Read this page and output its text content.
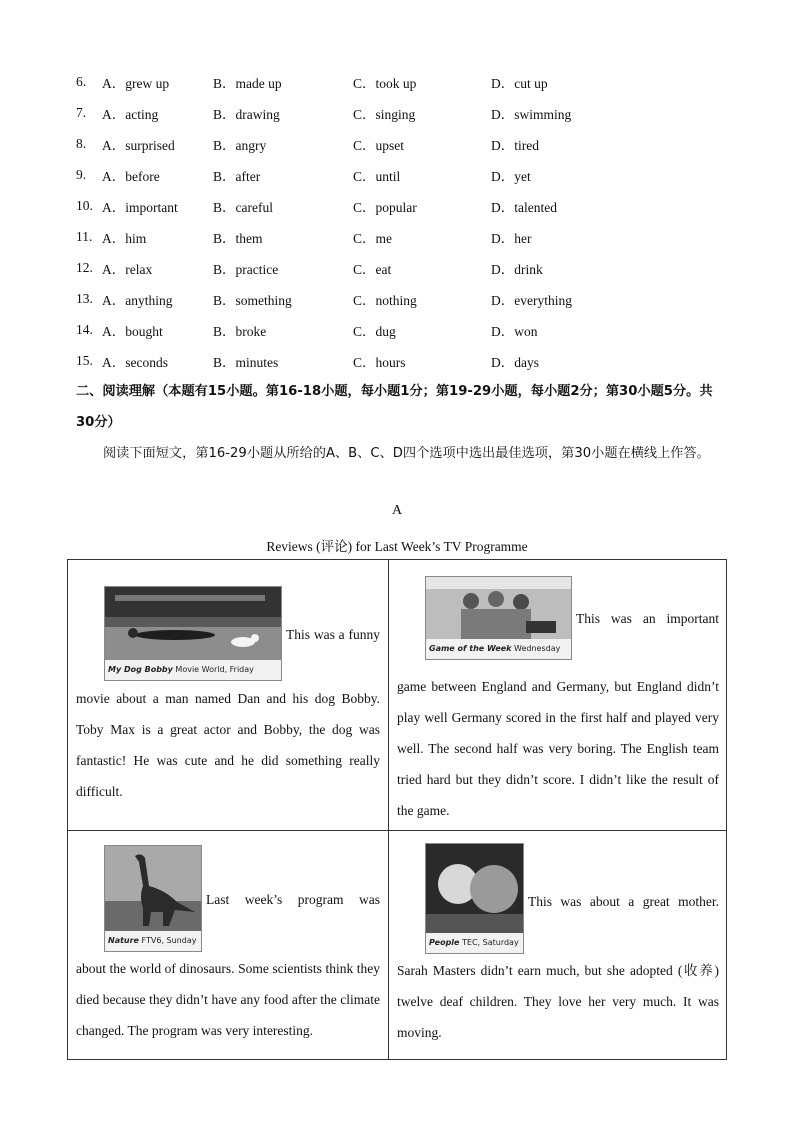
6.	A．grew up	B．made up	C．took up	D．cut up
7.	A．acting	B．drawing	C．singing	D．swimming
8.	A．surprised	B．angry	C．upset	D．tired
9.	A．before	B．after	C．until	D．yet
10. A．important	B．careful	C．popular	D．talented
11. A．him	B．them	C．me	D．her
12. A．relax	B．practice	C．eat	D．drink
13. A．anything	B．something	C．nothing	D．everything
14. A．bought	B．broke	C．dug	D．won
15. A．seconds	B．minutes	C．hours	D．days
二、阅读理解（本题有15小题。第16-18小题，每小题1分；第19-29小题，每小题2分；第30小题5分。共30分）
阅读下面短文，第16-29小题从所给的A、B、C、D四个选项中选出最佳选项，第30小题在横线上作答。
A
Reviews (评论) for Last Week’s TV Programme
My Dog Bobby Movie World, Friday
This was a funny
movie about a man named Dan and his dog Bobby. Toby Max is a great actor and Bobby, the dog was fantastic! He was cute and he did something really difficult.
Game of the Week Wednesday
This was an important
game between England and Germany, but England didn’t play well Germany scored in the first half and played very well. The second half was very boring. The English team tried hard but they didn’t score. I didn’t like the result of the game.
Nature FTV6, Sunday
Last week’s program was
about the world of dinosaurs. Some scientists think they died because they didn’t have any food after the climate changed. The program was very interesting.
People TEC, Saturday
This was about a great mother.
Sarah Masters didn’t earn much, but she adopted (收养) twelve deaf children. They love her very much. It was moving.
